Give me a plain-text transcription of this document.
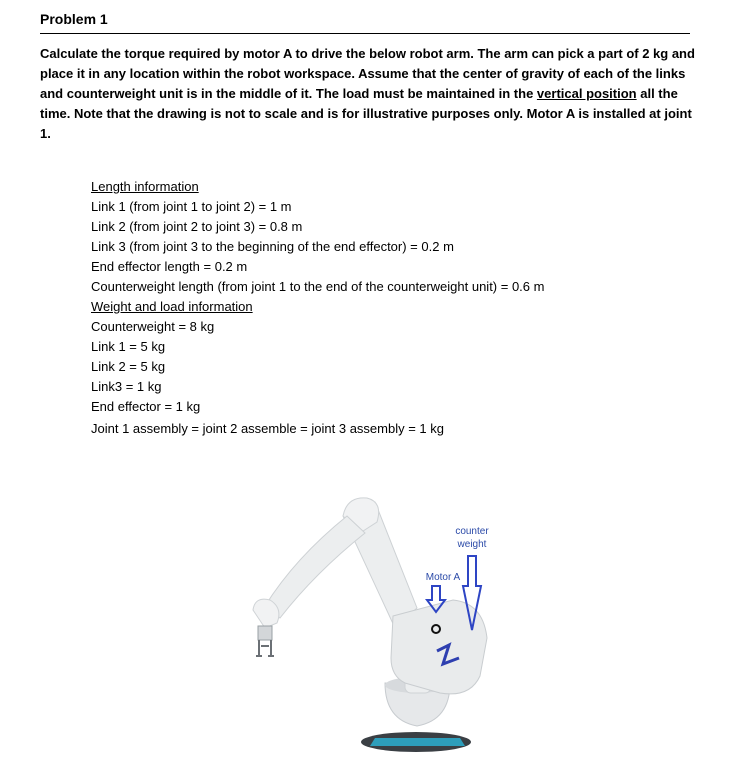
Problem 1
Calculate the torque required by motor A to drive the below robot arm. The arm can pick a part of 2 kg and place it in any location within the robot workspace. Assume that the center of gravity of each of the links and counterweight unit is in the middle of it. The load must be maintained in the vertical position all the time. Note that the drawing is not to scale and is for illustrative purposes only. Motor A is installed at joint 1.
Length information
Link 1 (from joint 1 to joint 2) = 1 m
Link 2 (from joint 2 to joint 3) = 0.8 m
Link 3 (from joint 3 to the beginning of the end effector) = 0.2 m
End effector length = 0.2 m
Counterweight length (from joint 1 to the end of the counterweight unit) = 0.6 m
Weight and load information
Counterweight = 8 kg
Link 1 = 5 kg
Link 2 = 5 kg
Link3 = 1 kg
End effector = 1 kg
Joint 1 assembly = joint 2 assemble = joint 3 assembly = 1 kg
counter
weight
Motor A
